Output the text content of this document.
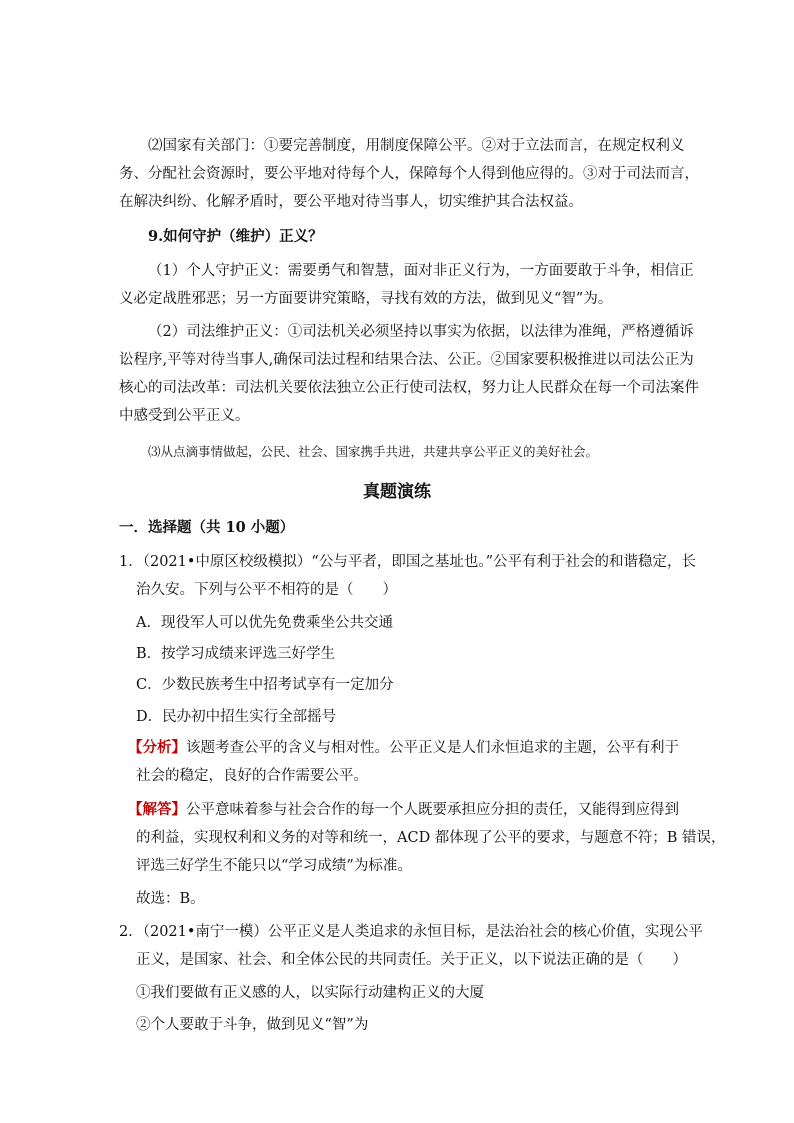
⑵国家有关部门：①要完善制度，用制度保障公平。②对于立法而言，在规定权利义
务、分配社会资源时，要公平地对待每个人，保障每个人得到他应得的。③对于司法而言，
在解决纠纷、化解矛盾时，要公平地对待当事人，切实维护其合法权益。
9.如何守护（维护）正义？
（1）个人守护正义：需要勇气和智慧，面对非正义行为，一方面要敢于斗争，相信正
义必定战胜邪恶；另一方面要讲究策略，寻找有效的方法，做到见义“智”为。
（2）司法维护正义：①司法机关必须坚持以事实为依据，以法律为准绳，严格遵循诉
讼程序,平等对待当事人,确保司法过程和结果合法、公正。②国家要积极推进以司法公正为
核心的司法改革：司法机关要依法独立公正行使司法权，努力让人民群众在每一个司法案件
中感受到公平正义。
⑶从点滴事情做起，公民、社会、国家携手共进，共建共享公平正义的美好社会。
真题演练
一．选择题（共 10 小题）
1．（2021•中原区校级模拟）“公与平者，即国之基址也。”公平有利于社会的和谐稳定，长
治久安。下列与公平不相符的是（　　）
A．现役军人可以优先免费乘坐公共交通
B．按学习成绩来评选三好学生
C．少数民族考生中招考试享有一定加分
D．民办初中招生实行全部摇号
【分析】该题考查公平的含义与相对性。公平正义是人们永恒追求的主题，公平有利于
社会的稳定，良好的合作需要公平。
【解答】公平意味着参与社会合作的每一个人既要承担应分担的责任，又能得到应得到
的利益，实现权利和义务的对等和统一，ACD 都体现了公平的要求，与题意不符；B 错误，
评选三好学生不能只以“学习成绩”为标准。
故选：B。
2．（2021•南宁一模）公平正义是人类追求的永恒目标，是法治社会的核心价值，实现公平
正义，是国家、社会、和全体公民的共同责任。关于正义，以下说法正确的是（　　）
①我们要做有正义感的人，以实际行动建构正义的大厦
②个人要敢于斗争，做到见义“智”为
